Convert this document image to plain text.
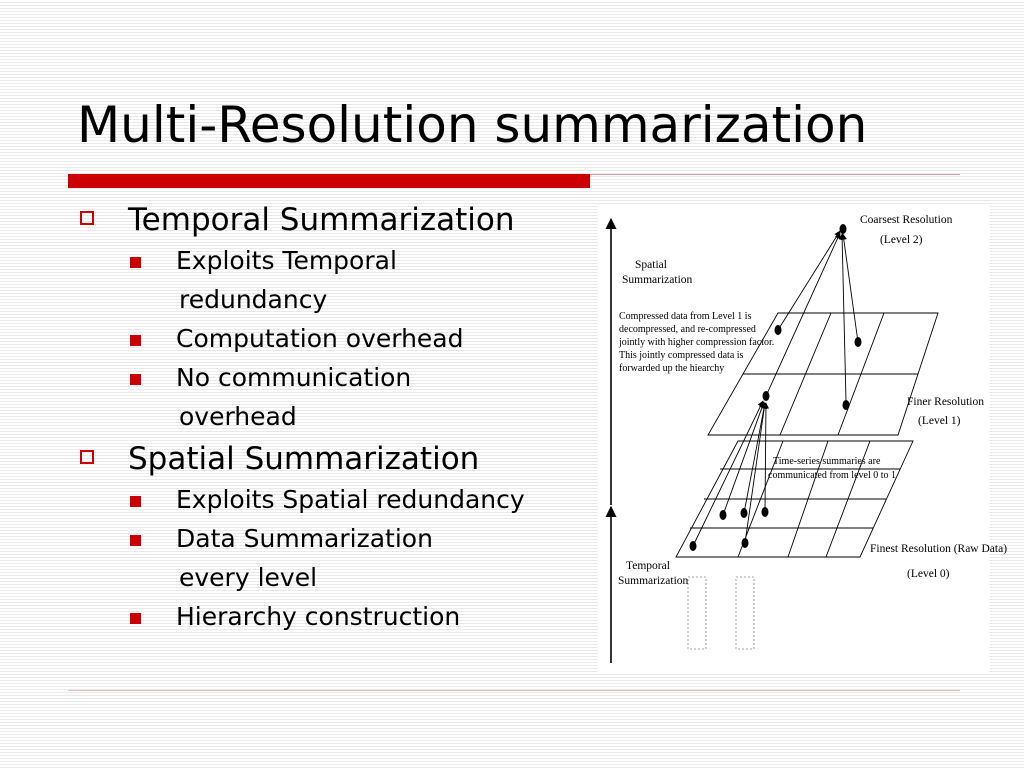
Multi-Resolution summarization
Temporal Summarization
Exploits Temporal
redundancy
Computation overhead
No communication
overhead
Spatial Summarization
Exploits Spatial redundancy
Data Summarization
every level
Hierarchy construction
Spatial
Summarization
Temporal
Summarization
Coarsest Resolution
(Level 2)
Finer Resolution
(Level 1)
Finest Resolution (Raw Data)
(Level 0)
Compressed data from Level 1 is
decompressed, and re-compressed
jointly with higher compression factor.
This jointly compressed data is
forwarded up the hiearchy
Time-series summaries are
communicated from level 0 to 1
